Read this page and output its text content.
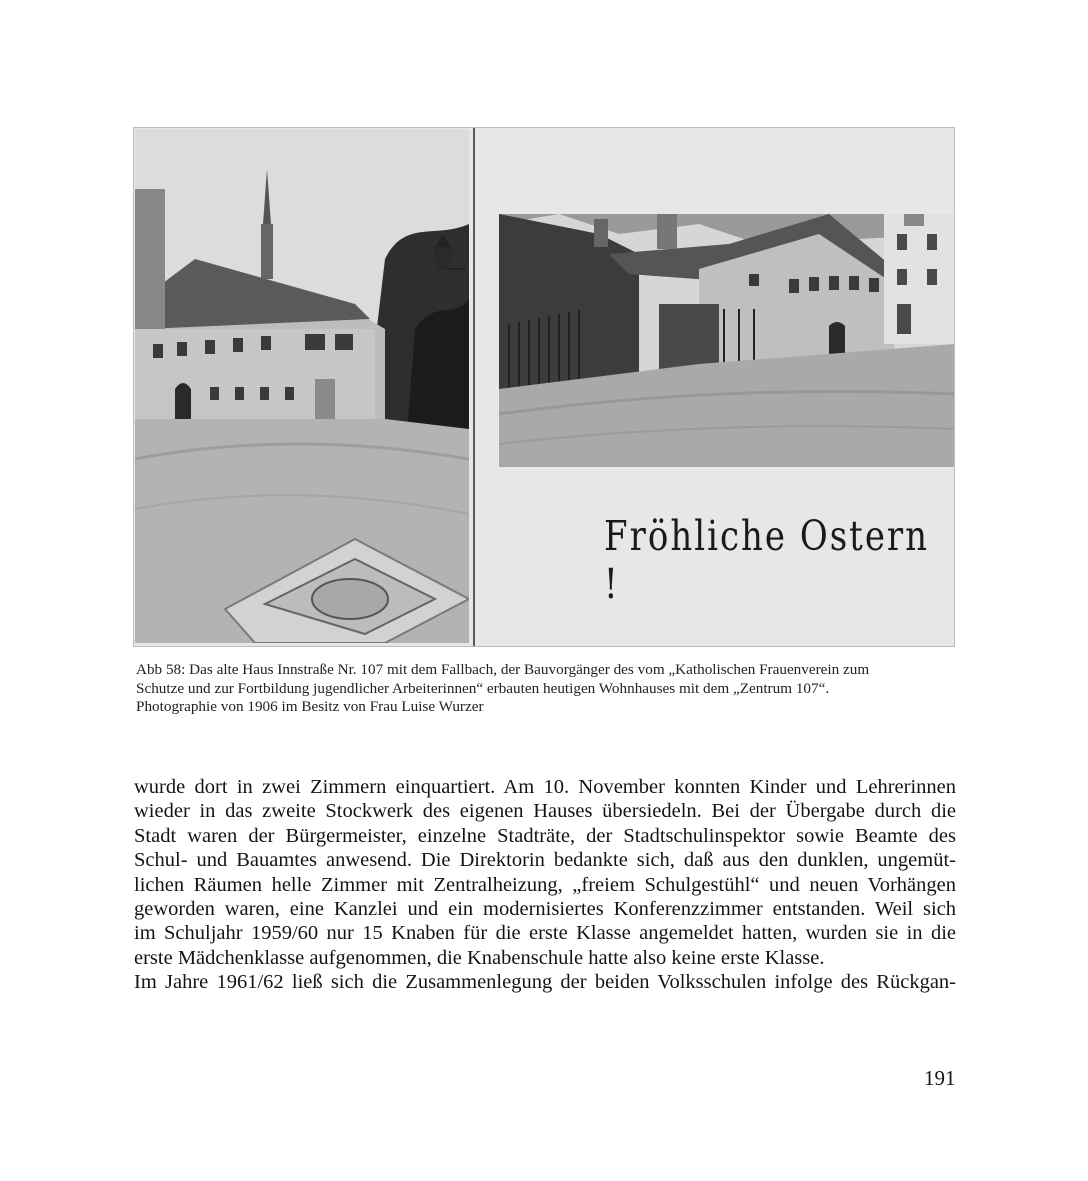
Fröhliche Ostern !
Abb 58: Das alte Haus Innstraße Nr. 107 mit dem Fallbach, der Bauvorgänger des vom „Katholischen Frauenverein zum
Schutze und zur Fortbildung jugendlicher Arbeiterinnen“ erbauten heutigen Wohnhauses mit dem „Zentrum 107“.
Photographie von 1906 im Besitz von Frau Luise Wurzer
wurde dort in zwei Zimmern einquartiert. Am 10. November konnten Kinder und Lehrerinnen
wieder in das zweite Stockwerk des eigenen Hauses übersiedeln. Bei der Übergabe durch die
Stadt waren der Bürgermeister, einzelne Stadträte, der Stadtschulinspektor sowie Beamte des
Schul- und Bauamtes anwesend. Die Direktorin bedankte sich, daß aus den dunklen, ungemüt-
lichen Räumen helle Zimmer mit Zentralheizung, „freiem Schulgestühl“ und neuen Vorhängen
geworden waren, eine Kanzlei und ein modernisiertes Konferenzzimmer entstanden. Weil sich
im Schuljahr 1959/60 nur 15 Knaben für die erste Klasse angemeldet hatten, wurden sie in die
erste Mädchenklasse aufgenommen, die Knabenschule hatte also keine erste Klasse.
Im Jahre 1961/62 ließ sich die Zusammenlegung der beiden Volksschulen infolge des Rückgan-
191
